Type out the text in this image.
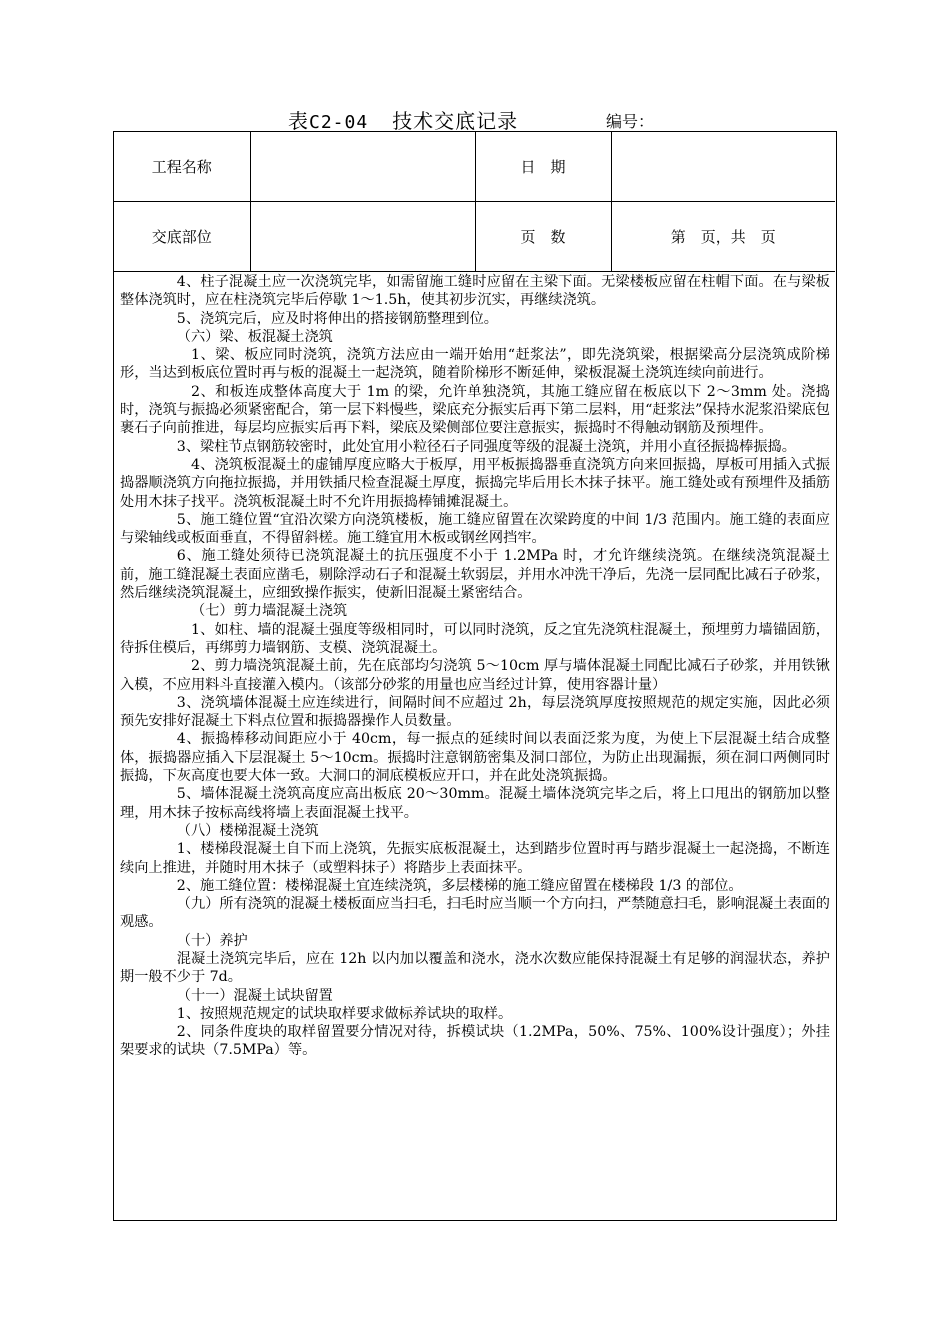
表C2-04 技术交底记录	编号：
工程名称		日　期	
交底部位		页　数	第　页，共　页

4、柱子混凝土应一次浇筑完毕，如需留施工缝时应留在主梁下面。无梁楼板应留在柱帽下面。在与梁板整体浇筑时，应在柱浇筑完毕后停歇 1～1.5h，使其初步沉实，再继续浇筑。

5、浇筑完后，应及时将伸出的搭接钢筋整理到位。

（六）梁、板混凝土浇筑

1、梁、板应同时浇筑，浇筑方法应由一端开始用“赶浆法”，即先浇筑梁，根据梁高分层浇筑成阶梯形，当达到板底位置时再与板的混凝土一起浇筑，随着阶梯形不断延伸，梁板混凝土浇筑连续向前进行。

2、和板连成整体高度大于 1m 的梁，允许单独浇筑，其施工缝应留在板底以下 2～3mm 处。浇捣时，浇筑与振捣必须紧密配合，第一层下料慢些，梁底充分振实后再下第二层料，用“赶浆法”保持水泥浆沿梁底包裹石子向前推进，每层均应振实后再下料，梁底及梁侧部位要注意振实，振捣时不得触动钢筋及预埋件。

3、梁柱节点钢筋较密时，此处宜用小粒径石子同强度等级的混凝土浇筑，并用小直径振捣棒振捣。

4、浇筑板混凝土的虚铺厚度应略大于板厚，用平板振捣器垂直浇筑方向来回振捣，厚板可用插入式振捣器顺浇筑方向拖拉振捣，并用铁插尺检查混凝土厚度，振捣完毕后用长木抹子抹平。施工缝处或有预埋件及插筋处用木抹子找平。浇筑板混凝土时不允许用振捣棒铺摊混凝土。

5、施工缝位置“宜沿次梁方向浇筑楼板，施工缝应留置在次梁跨度的中间 1/3 范围内。施工缝的表面应与梁轴线或板面垂直，不得留斜槎。施工缝宜用木板或钢丝网挡牢。

6、施工缝处须待已浇筑混凝土的抗压强度不小于 1.2MPa 时，才允许继续浇筑。在继续浇筑混凝土前，施工缝混凝土表面应凿毛，剔除浮动石子和混凝土软弱层，并用水冲洗干净后，先浇一层同配比减石子砂浆，然后继续浇筑混凝土，应细致操作振实，使新旧混凝土紧密结合。

（七）剪力墙混凝土浇筑

1、如柱、墙的混凝土强度等级相同时，可以同时浇筑，反之宜先浇筑柱混凝土，预埋剪力墙锚固筋，待拆住模后，再绑剪力墙钢筋、支模、浇筑混凝土。

2、剪力墙浇筑混凝土前，先在底部均匀浇筑 5～10cm 厚与墙体混凝土同配比减石子砂浆，并用铁锹入模，不应用料斗直接灌入模内。（该部分砂浆的用量也应当经过计算，使用容器计量）

3、浇筑墙体混凝土应连续进行，间隔时间不应超过 2h，每层浇筑厚度按照规范的规定实施，因此必须预先安排好混凝土下料点位置和振捣器操作人员数量。

4、振捣棒移动间距应小于 40cm，每一振点的延续时间以表面泛浆为度，为使上下层混凝土结合成整体，振捣器应插入下层混凝土 5～10cm。振捣时注意钢筋密集及洞口部位，为防止出现漏振，须在洞口两侧同时振捣，下灰高度也要大体一致。大洞口的洞底模板应开口，并在此处浇筑振捣。

5、墙体混凝土浇筑高度应高出板底 20～30mm。混凝土墙体浇筑完毕之后，将上口甩出的钢筋加以整理，用木抹子按标高线将墙上表面混凝土找平。

（八）楼梯混凝土浇筑

1、楼梯段混凝土自下而上浇筑，先振实底板混凝土，达到踏步位置时再与踏步混凝土一起浇捣，不断连续向上推进，并随时用木抹子（或塑料抹子）将踏步上表面抹平。

2、施工缝位置：楼梯混凝土宜连续浇筑，多层楼梯的施工缝应留置在楼梯段 1/3 的部位。

（九）所有浇筑的混凝土楼板面应当扫毛，扫毛时应当顺一个方向扫，严禁随意扫毛，影响混凝土表面的观感。

（十）养护

混凝土浇筑完毕后，应在 12h 以内加以覆盖和浇水，浇水次数应能保持混凝土有足够的润湿状态，养护期一般不少于 7d。

（十一）混凝土试块留置

1、按照规范规定的试块取样要求做标养试块的取样。

2、同条件度块的取样留置要分情况对待，拆模试块（1.2MPa，50%、75%、100%设计强度）；外挂架要求的试块（7.5MPa）等。
